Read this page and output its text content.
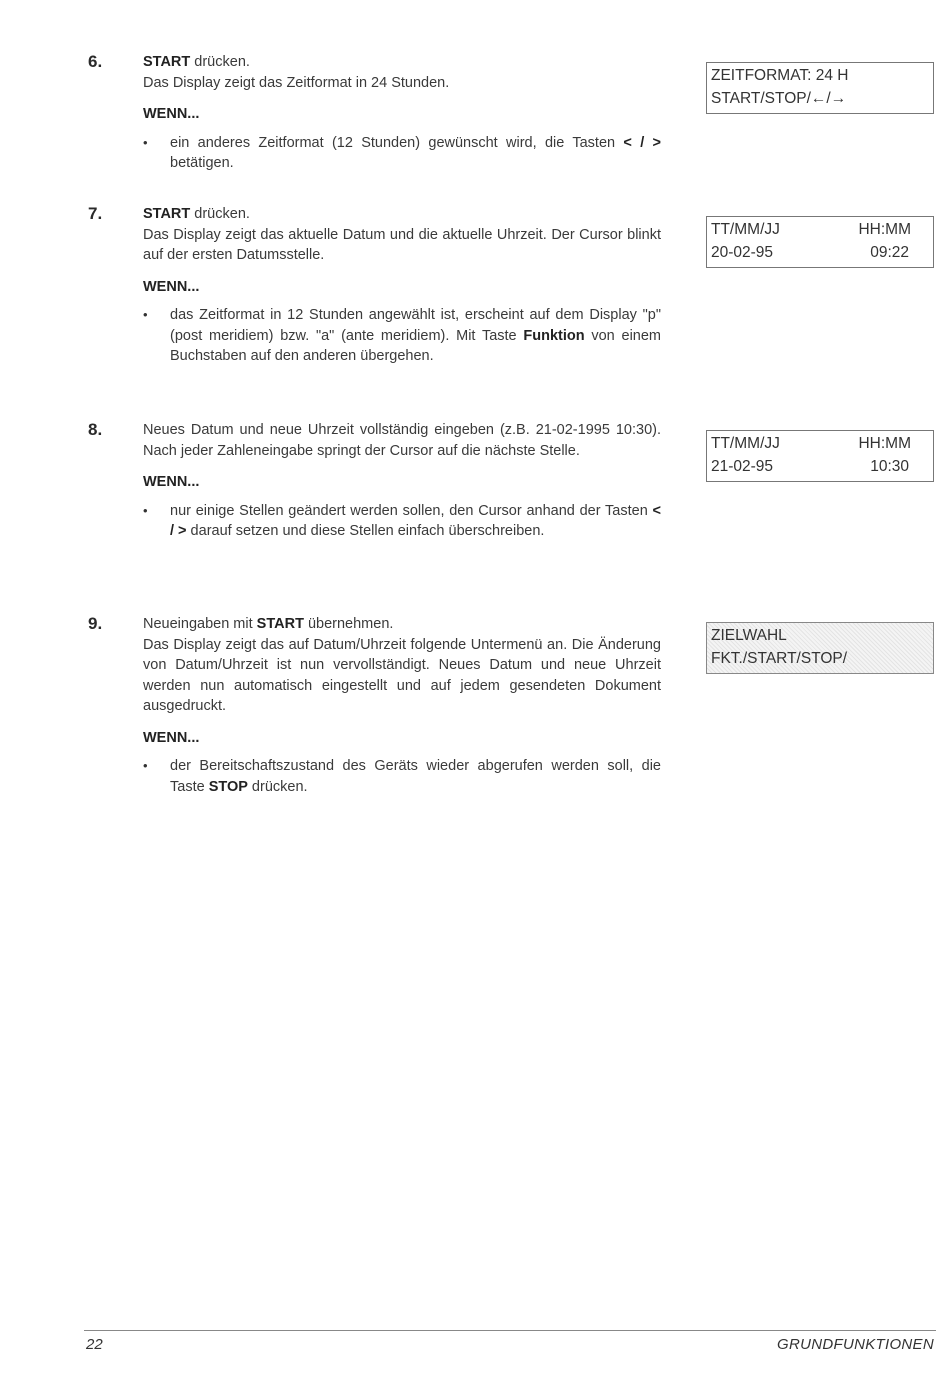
6.	START drücken.

Das Display zeigt das Zeitformat in 24 Stunden.

WENN...
• ein anderes Zeitformat (12 Stunden) gewünscht wird, die Tasten < / > betätigen.
ZEITFORMAT: 24 H
START/STOP/←/→
7.	START drücken.

Das Display zeigt das aktuelle Datum und die aktuelle Uhrzeit. Der Cursor blinkt auf der ersten Datumsstelle.

WENN...
• das Zeitformat in 12 Stunden angewählt ist, erscheint auf dem Display "p" (post meridiem) bzw. "a" (ante meridiem). Mit Taste Funktion von einem Buchstaben auf den anderen übergehen.
TT/MM/JJ	HH:MM
20-02-95	09:22
8.	Neues Datum und neue Uhrzeit vollständig eingeben (z.B. 21-02-1995 10:30). Nach jeder Zahleneingabe springt der Cursor auf die nächste Stelle.

WENN...
• nur einige Stellen geändert werden sollen, den Cursor anhand der Tasten < / > darauf setzen und diese Stellen einfach überschreiben.
TT/MM/JJ	HH:MM
21-02-95	10:30
9.	Neueingaben mit START übernehmen.

Das Display zeigt das auf Datum/Uhrzeit folgende Untermenü an. Die Änderung von Datum/Uhrzeit ist nun vervollständigt. Neues Datum und neue Uhrzeit werden nun automatisch eingestellt und auf jedem gesendeten Dokument ausgedruckt.

WENN...
• der Bereitschaftszustand des Geräts wieder abgerufen werden soll, die Taste STOP drücken.
ZIELWAHL
FKT./START/STOP/
22	GRUNDFUNKTIONEN
